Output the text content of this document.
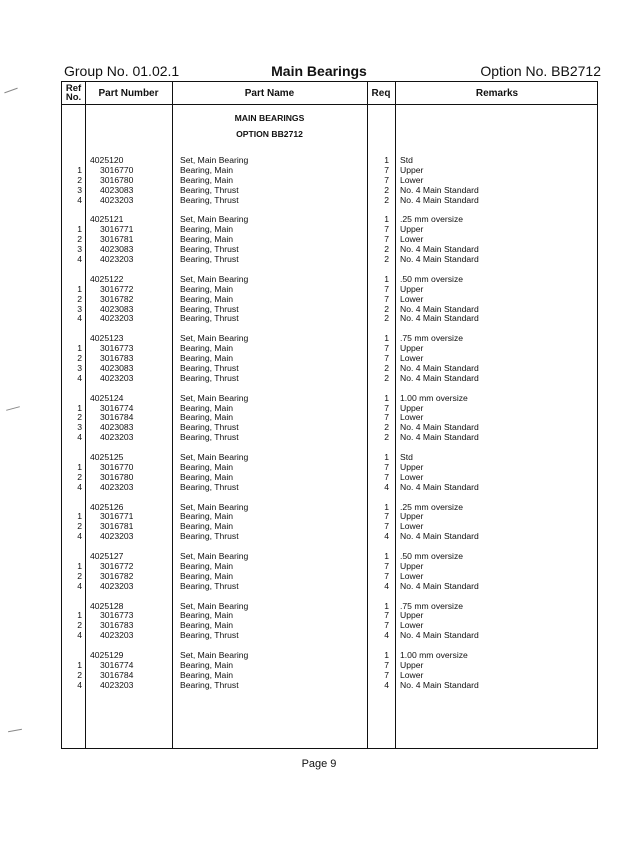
Group No. 01.02.1	Main Bearings	Option No. BB2712
Ref
No.	Part Number	Part Name	Req	Remarks
MAIN BEARINGS
OPTION BB2712
4025120	Set, Main Bearing	1 Std
1 3016770	Bearing, Main	7 Upper
2 3016780	Bearing, Main	7 Lower
3 4023083	Bearing, Thrust	2 No. 4 Main Standard
4 4023203	Bearing, Thrust	2 No. 4 Main Standard
4025121	Set, Main Bearing	1 .25 mm oversize
1 3016771	Bearing, Main	7 Upper
2 3016781	Bearing, Main	7 Lower
3 4023083	Bearing, Thrust	2 No. 4 Main Standard
4 4023203	Bearing, Thrust	2 No. 4 Main Standard
4025122	Set, Main Bearing	1 .50 mm oversize
1 3016772	Bearing, Main	7 Upper
2 3016782	Bearing, Main	7 Lower
3 4023083	Bearing, Thrust	2 No. 4 Main Standard
4 4023203	Bearing, Thrust	2 No. 4 Main Standard
4025123	Set, Main Bearing	1 .75 mm oversize
1 3016773	Bearing, Main	7 Upper
2 3016783	Bearing, Main	7 Lower
3 4023083	Bearing, Thrust	2 No. 4 Main Standard
4 4023203	Bearing, Thrust	2 No. 4 Main Standard
4025124	Set, Main Bearing	1 1.00 mm oversize
1 3016774	Bearing, Main	7 Upper
2 3016784	Bearing, Main	7 Lower
3 4023083	Bearing, Thrust	2 No. 4 Main Standard
4 4023203	Bearing, Thrust	2 No. 4 Main Standard
4025125	Set, Main Bearing	1 Std
1 3016770	Bearing, Main	7 Upper
2 3016780	Bearing, Main	7 Lower
4 4023203	Bearing, Thrust	4 No. 4 Main Standard
4025126	Set, Main Bearing	1 .25 mm oversize
1 3016771	Bearing, Main	7 Upper
2 3016781	Bearing, Main	7 Lower
4 4023203	Bearing, Thrust	4 No. 4 Main Standard
4025127	Set, Main Bearing	1 .50 mm oversize
1 3016772	Bearing, Main	7 Upper
2 3016782	Bearing, Main	7 Lower
4 4023203	Bearing, Thrust	4 No. 4 Main Standard
4025128	Set, Main Bearing	1 .75 mm oversize
1 3016773	Bearing, Main	7 Upper
2 3016783	Bearing, Main	7 Lower
4 4023203	Bearing, Thrust	4 No. 4 Main Standard
4025129	Set, Main Bearing	1 1.00 mm oversize
1 3016774	Bearing, Main	7 Upper
2 3016784	Bearing, Main	7 Lower
4 4023203	Bearing, Thrust	4 No. 4 Main Standard
Page 9
